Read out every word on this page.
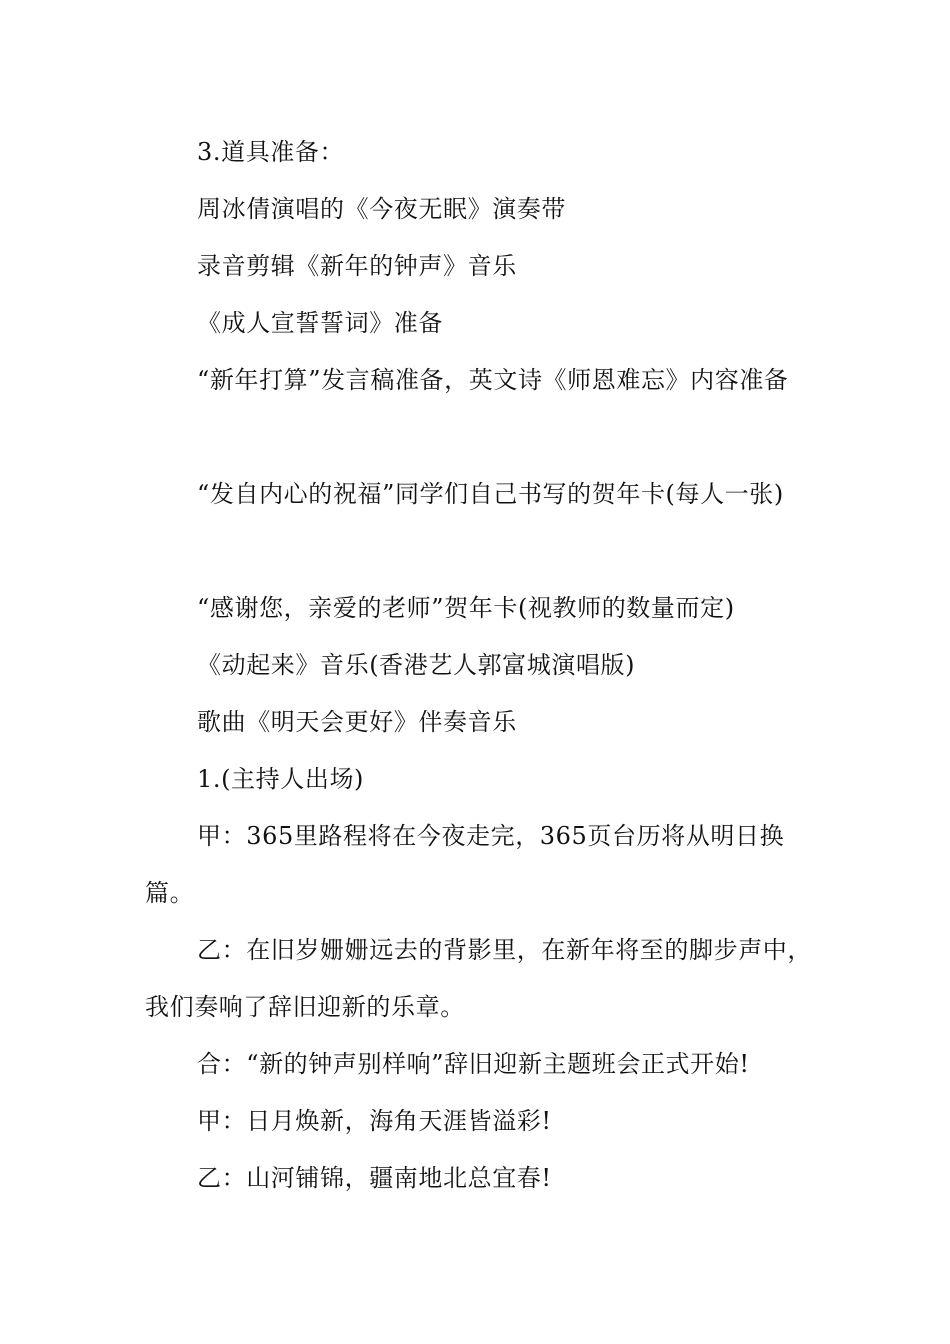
3.道具准备：

周冰倩演唱的《今夜无眠》演奏带

录音剪辑《新年的钟声》音乐

《成人宣誓誓词》准备

“新年打算”发言稿准备，英文诗《师恩难忘》内容准备

“发自内心的祝福”同学们自己书写的贺年卡(每人一张)

“感谢您，亲爱的老师”贺年卡(视教师的数量而定)

《动起来》音乐(香港艺人郭富城演唱版)

歌曲《明天会更好》伴奏音乐

1.(主持人出场)

甲：365里路程将在今夜走完，365页台历将从明日换篇。

乙：在旧岁姗姗远去的背影里，在新年将至的脚步声中，我们奏响了辞旧迎新的乐章。

合：“新的钟声别样响”辞旧迎新主题班会正式开始!

甲：日月焕新，海角天涯皆溢彩!

乙：山河铺锦，疆南地北总宜春!
